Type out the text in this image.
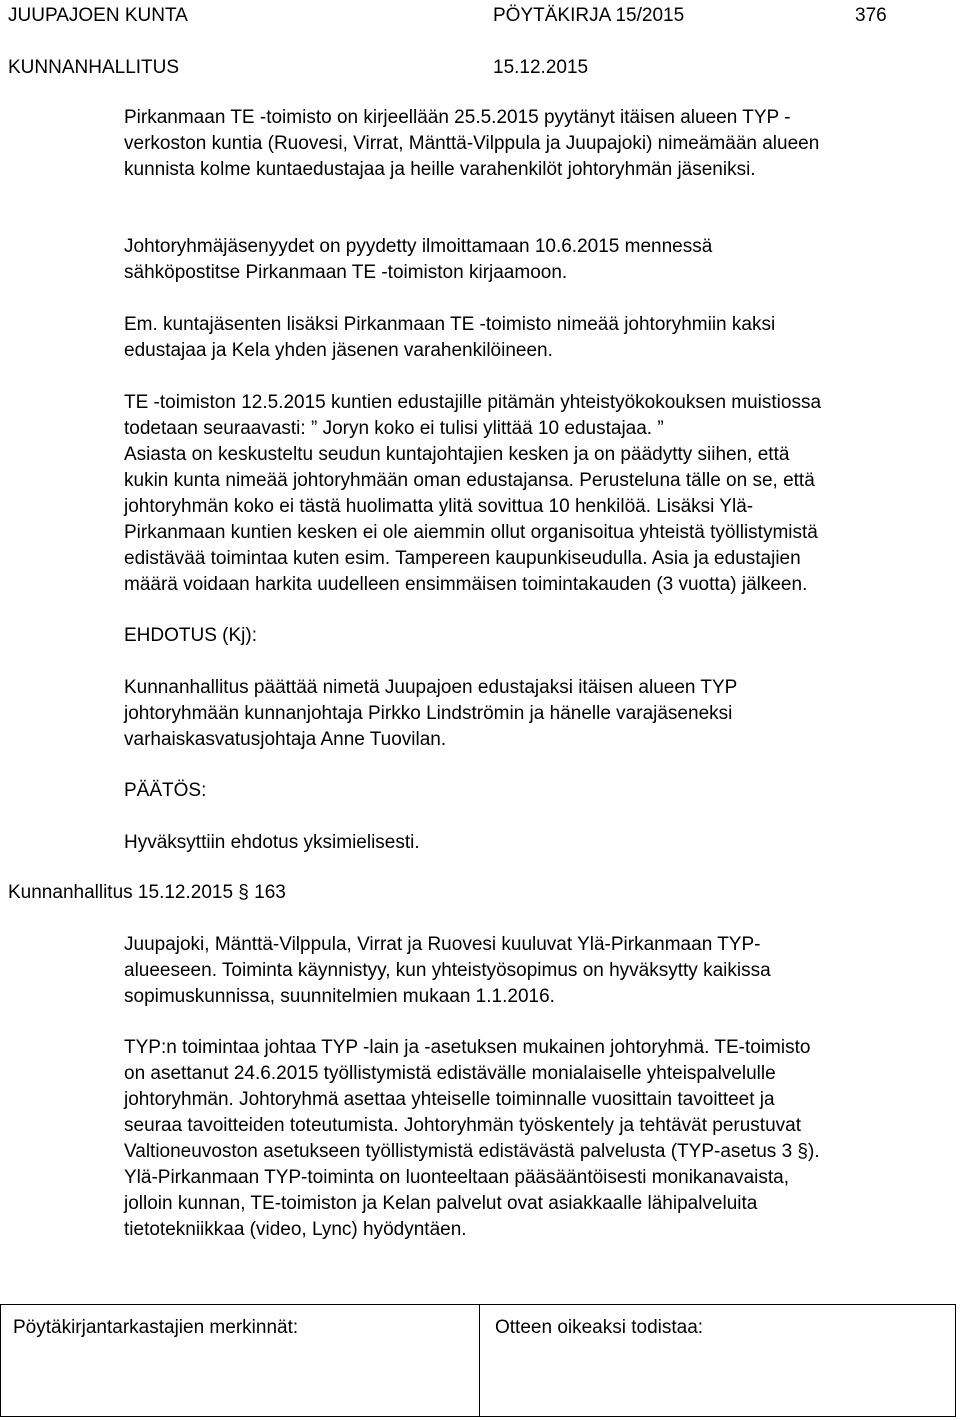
JUUPAJOEN KUNTA
KUNNANHALLITUS
PÖYTÄKIRJA 15/2015
15.12.2015
376

Pirkanmaan TE -toimisto on kirjeellään 25.5.2015 pyytänyt itäisen alueen TYP -

verkoston kuntia (Ruovesi, Virrat, Mänttä-Vilppula ja Juupajoki) nimeämään alueen

kunnista kolme kuntaedustajaa ja heille varahenkilöt johtoryhmän jäseniksi.

Johtoryhmäjäsenyydet on pyydetty ilmoittamaan 10.6.2015 mennessä

sähköpostitse Pirkanmaan TE -toimiston kirjaamoon.

Em. kuntajäsenten lisäksi Pirkanmaan TE -toimisto nimeää johtoryhmiin kaksi

edustajaa ja Kela yhden jäsenen varahenkilöineen.

TE -toimiston 12.5.2015 kuntien edustajille pitämän yhteistyökokouksen muistiossa

todetaan seuraavasti: ” Joryn koko ei tulisi ylittää 10 edustajaa. ”

Asiasta on keskusteltu seudun kuntajohtajien kesken ja on päädytty siihen, että

kukin kunta nimeää johtoryhmään oman edustajansa. Perusteluna tälle on se, että

johtoryhmän koko ei tästä huolimatta ylitä sovittua 10 henkilöä. Lisäksi Ylä-

Pirkanmaan kuntien kesken ei ole aiemmin ollut organisoitua yhteistä työllistymistä

edistävää toimintaa kuten esim. Tampereen kaupunkiseudulla. Asia ja edustajien

määrä voidaan harkita uudelleen ensimmäisen toimintakauden (3 vuotta) jälkeen.

EHDOTUS (Kj):

Kunnanhallitus päättää nimetä Juupajoen edustajaksi itäisen alueen TYP

johtoryhmään kunnanjohtaja Pirkko Lindströmin ja hänelle varajäseneksi

varhaiskasvatusjohtaja Anne Tuovilan.

PÄÄTÖS:
Hyväksyttiin ehdotus yksimielisesti.
Kunnanhallitus 15.12.2015 § 163

Juupajoki, Mänttä-Vilppula, Virrat ja Ruovesi kuuluvat Ylä-Pirkanmaan TYP-

alueeseen. Toiminta käynnistyy, kun yhteistyösopimus on hyväksytty kaikissa

sopimuskunnissa, suunnitelmien mukaan 1.1.2016.

TYP:n toimintaa johtaa TYP -lain ja -asetuksen mukainen johtoryhmä. TE-toimisto

on asettanut 24.6.2015 työllistymistä edistävälle monialaiselle yhteispalvelulle

johtoryhmän. Johtoryhmä asettaa yhteiselle toiminnalle vuosittain tavoitteet ja

seuraa tavoitteiden toteutumista. Johtoryhmän työskentely ja tehtävät perustuvat

Valtioneuvoston asetukseen työllistymistä edistävästä palvelusta (TYP-asetus 3 §).

Ylä-Pirkanmaan TYP-toiminta on luonteeltaan pääsääntöisesti monikanavaista,

jolloin kunnan, TE-toimiston ja Kelan palvelut ovat asiakkaalle lähipalveluita

tietotekniikkaa (video, Lync) hyödyntäen.

Pöytäkirjantarkastajien merkinnät:	Otteen oikeaksi todistaa:
